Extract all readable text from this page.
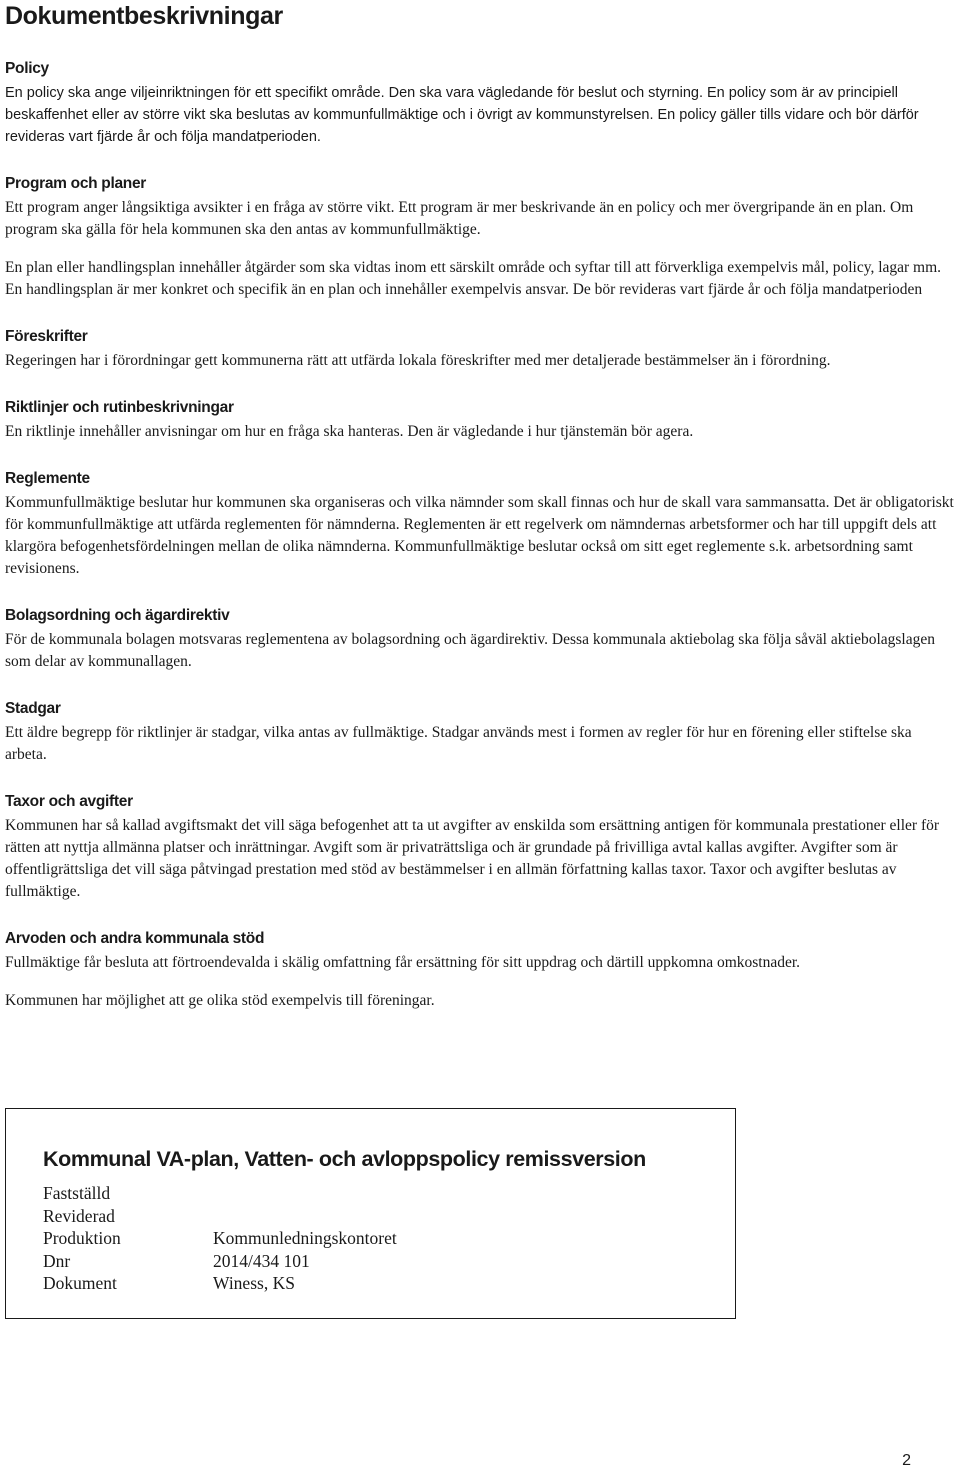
Dokumentbeskrivningar
Policy

En policy ska ange viljeinriktningen för ett specifikt område. Den ska vara vägledande för beslut och styrning. En policy som är av principiell beskaffenhet eller av större vikt ska beslutas av kommunfullmäktige och i övrigt av kommunstyrelsen. En policy gäller tills vidare och bör därför revideras vart fjärde år och följa mandatperioden.

Program och planer

Ett program anger långsiktiga avsikter i en fråga av större vikt. Ett program är mer beskrivande än en policy och mer övergripande än en plan. Om program ska gälla för hela kommunen ska den antas av kommunfullmäktige.

En plan eller handlingsplan innehåller åtgärder som ska vidtas inom ett särskilt område och syftar till att förverkliga exempelvis mål, policy, lagar mm. En handlingsplan är mer konkret och specifik än en plan och innehåller exempelvis ansvar. De bör revideras vart fjärde år och följa mandatperioden

Föreskrifter

Regeringen har i förordningar gett kommunerna rätt att utfärda lokala föreskrifter med mer detaljerade bestämmelser än i förordning.

Riktlinjer och rutinbeskrivningar

En riktlinje innehåller anvisningar om hur en fråga ska hanteras. Den är vägledande i hur tjänstemän bör agera.

Reglemente

Kommunfullmäktige beslutar hur kommunen ska organiseras och vilka nämnder som skall finnas och hur de skall vara sammansatta. Det är obligatoriskt för kommunfullmäktige att utfärda reglementen för nämnderna. Reglementen är ett regelverk om nämndernas arbetsformer och har till uppgift dels att klargöra befogenhetsfördelningen mellan de olika nämnderna. Kommunfullmäktige beslutar också om sitt eget reglemente s.k. arbetsordning samt revisionens.

Bolagsordning och ägardirektiv

För de kommunala bolagen motsvaras reglementena av bolagsordning och ägardirektiv. Dessa kommunala aktiebolag ska följa såväl aktiebolagslagen som delar av kommunallagen.

Stadgar

Ett äldre begrepp för riktlinjer är stadgar, vilka antas av fullmäktige. Stadgar används mest i formen av regler för hur en förening eller stiftelse ska arbeta.

Taxor och avgifter

Kommunen har så kallad avgiftsmakt det vill säga befogenhet att ta ut avgifter av enskilda som ersättning antigen för kommunala prestationer eller för rätten att nyttja allmänna platser och inrättningar. Avgift som är privaträttsliga och är grundade på frivilliga avtal kallas avgifter. Avgifter som är offentligrättsliga det vill säga påtvingad prestation med stöd av bestämmelser i en allmän författning kallas taxor. Taxor och avgifter beslutas av fullmäktige.

Arvoden och andra kommunala stöd

Fullmäktige får besluta att förtroendevalda i skälig omfattning får ersättning för sitt uppdrag och därtill uppkomna omkostnader.

Kommunen har möjlighet att ge olika stöd exempelvis till föreningar.

Kommunal VA-plan, Vatten- och avloppspolicy remissversion
Fastställd
Reviderad
Produktion	Kommunledningskontoret
Dnr	2014/434 101
Dokument	Winess, KS
2
